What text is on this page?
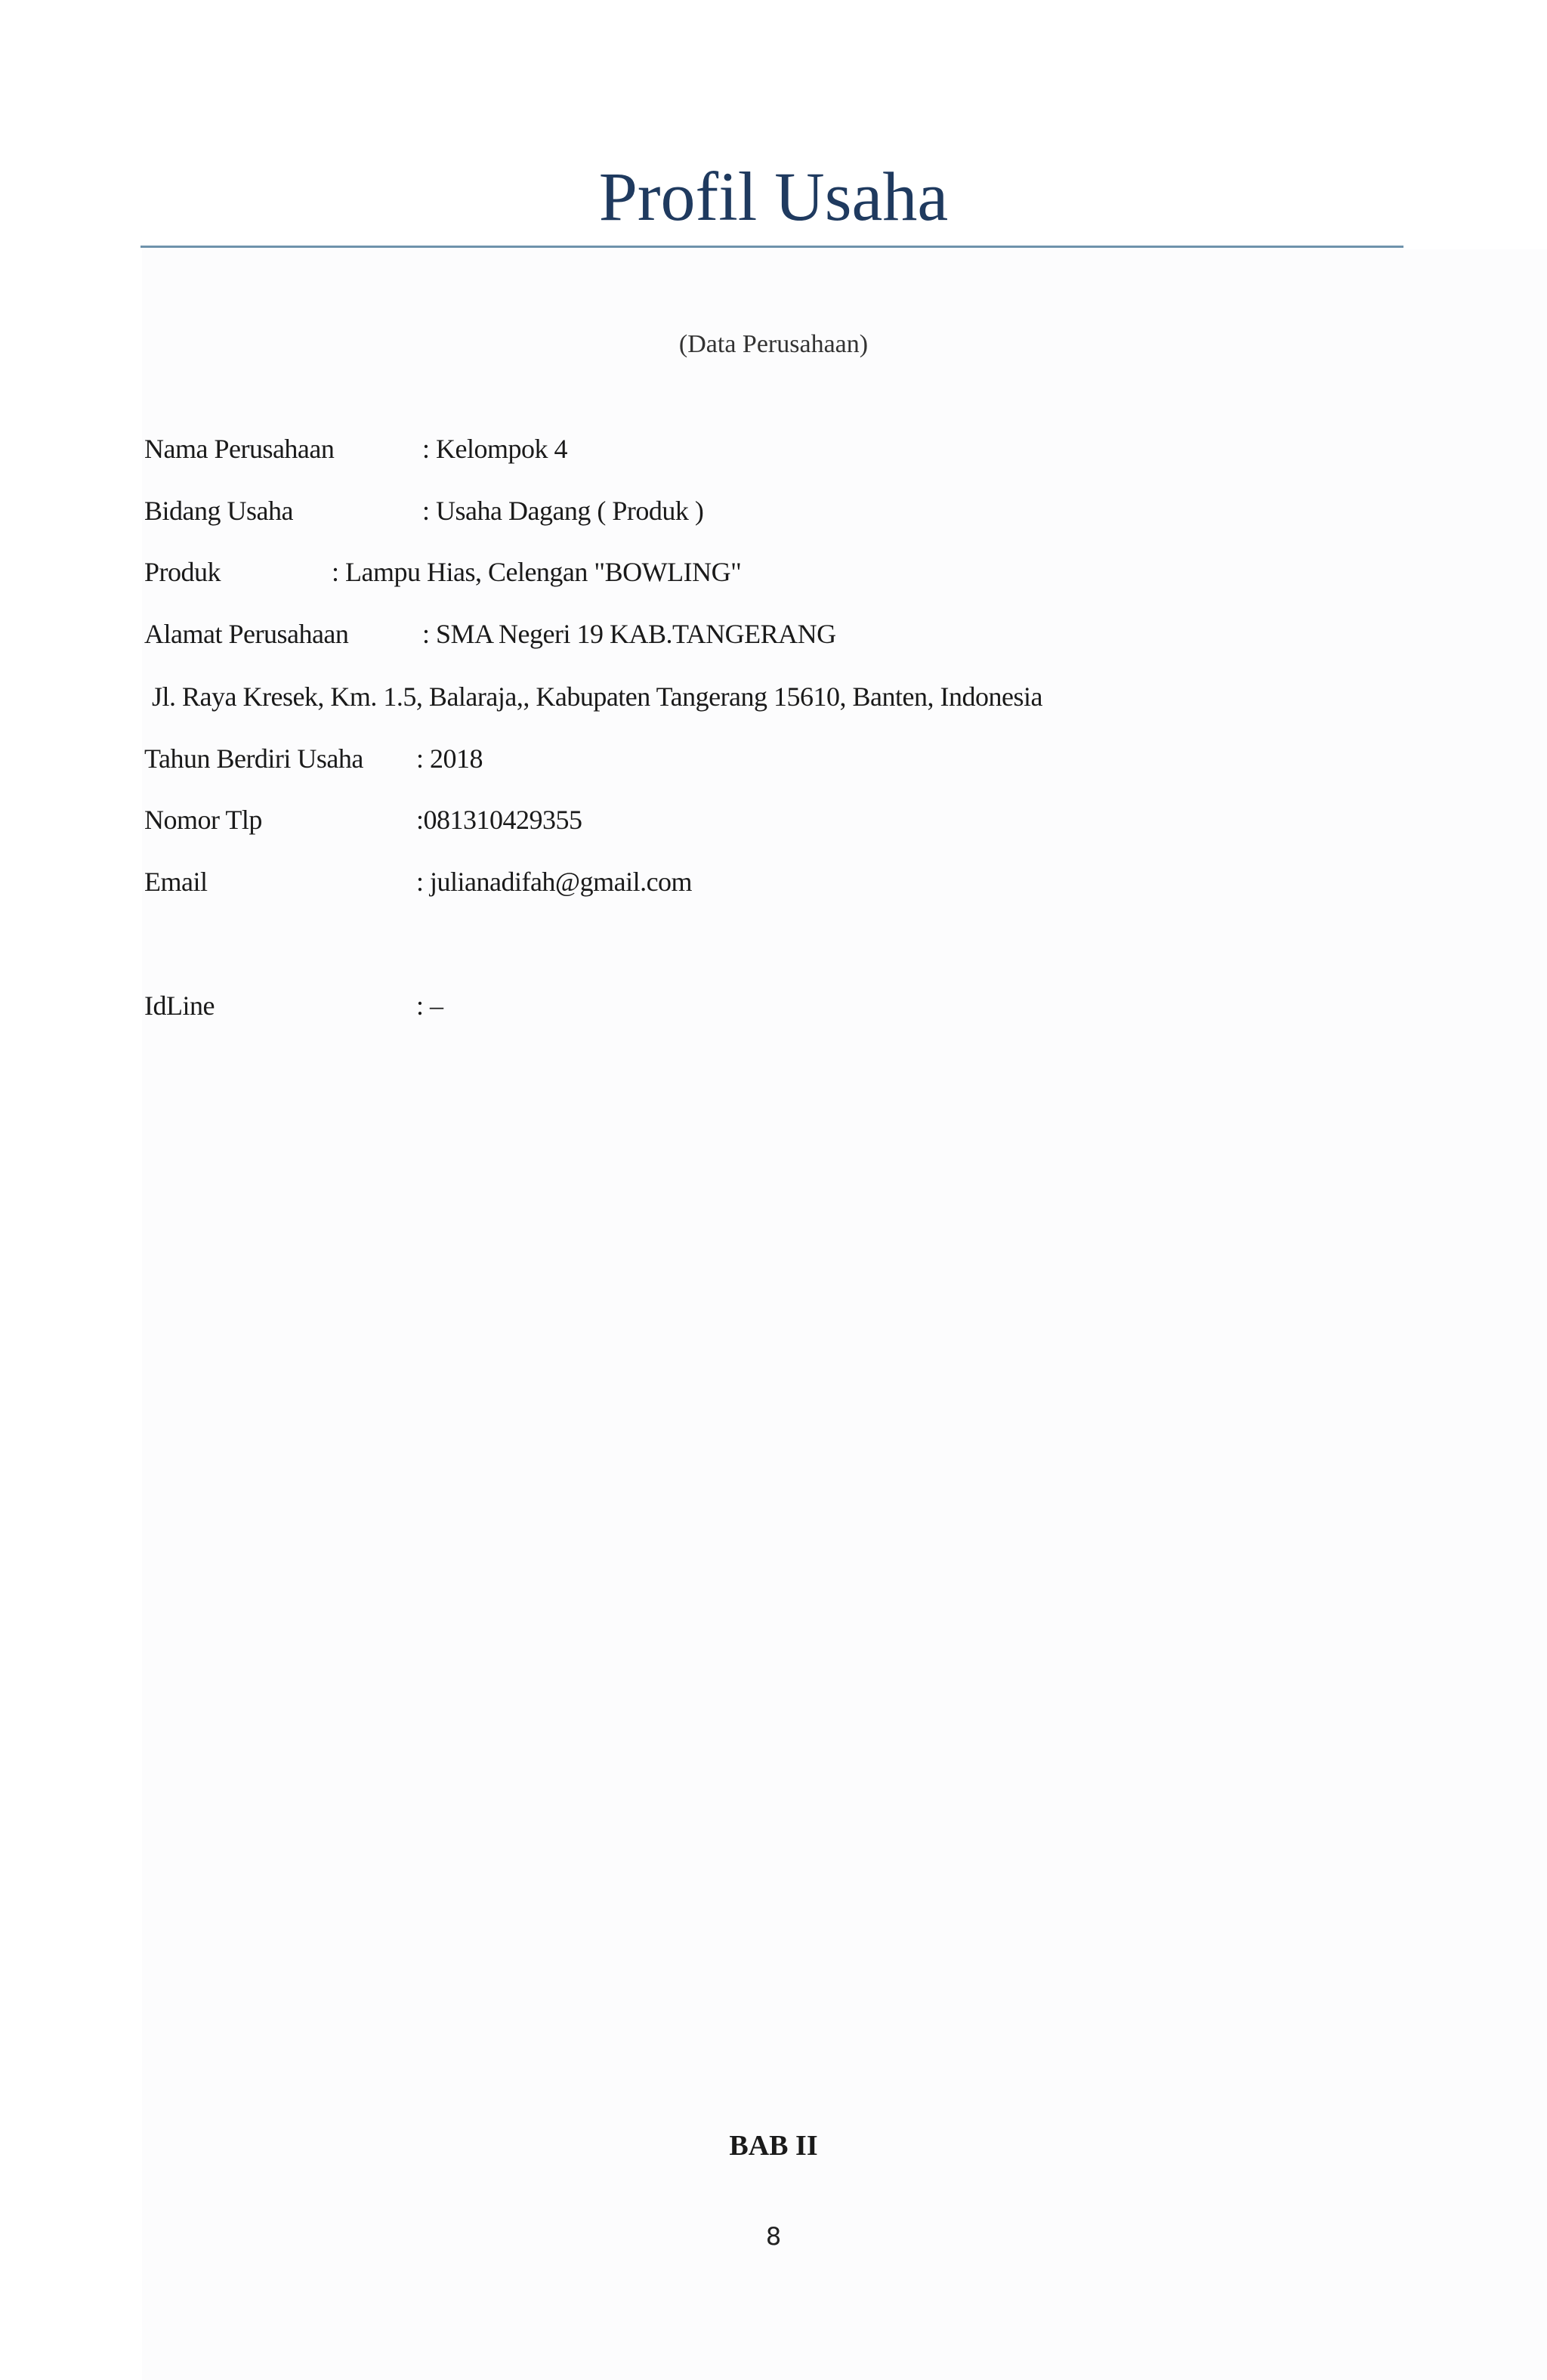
Profil Usaha
(Data Perusahaan)
Nama Perusahaan	: Kelompok 4
Bidang Usaha	: Usaha Dagang ( Produk )
Produk	: Lampu Hias, Celengan "BOWLING"
Alamat Perusahaan	: SMA Negeri 19 KAB.TANGERANG
Jl. Raya Kresek, Km. 1.5, Balaraja,, Kabupaten Tangerang 15610, Banten, Indonesia
Tahun Berdiri Usaha : 2018
Nomor Tlp	:081310429355
Email	: julianadifah@gmail.com
IdLine	: –
BAB II
8
